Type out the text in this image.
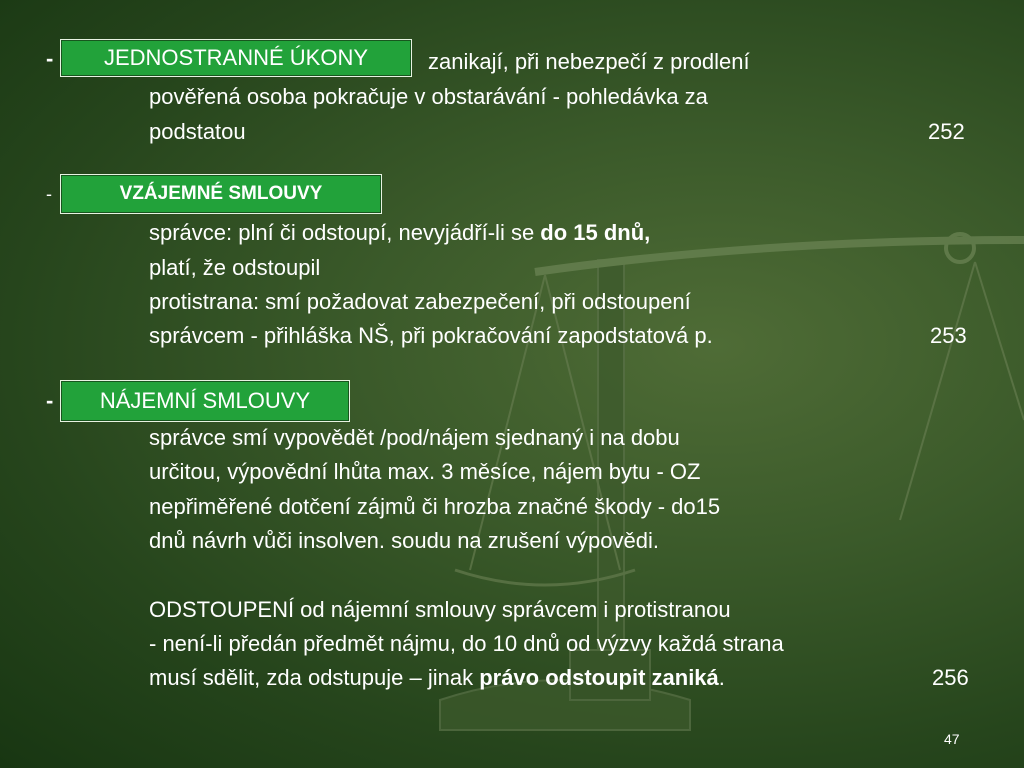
-	JEDNOSTRANNÉ ÚKONY	zanikají, při nebezpečí z prodlení
pověřená osoba pokračuje v obstarávání - pohledávka za
podstatou	252
-	VZÁJEMNÉ SMLOUVY
správce: plní či odstoupí, nevyjádří-li se do 15 dnů,
platí, že odstoupil
protistrana: smí požadovat zabezpečení, při odstoupení
správcem - přihláška NŠ, při pokračování zapodstatová p.	253
-	NÁJEMNÍ SMLOUVY
správce smí vypovědět /pod/nájem sjednaný i na dobu
určitou, výpovědní lhůta max. 3 měsíce, nájem bytu - OZ
nepřiměřené dotčení zájmů či hrozba značné škody - do15
dnů návrh vůči insolven. soudu na zrušení výpovědi.
ODSTOUPENÍ od nájemní smlouvy správcem i protistranou
- není-li předán předmět nájmu, do 10 dnů od výzvy každá strana
musí sdělit, zda odstupuje – jinak právo odstoupit zaniká.	256
47
